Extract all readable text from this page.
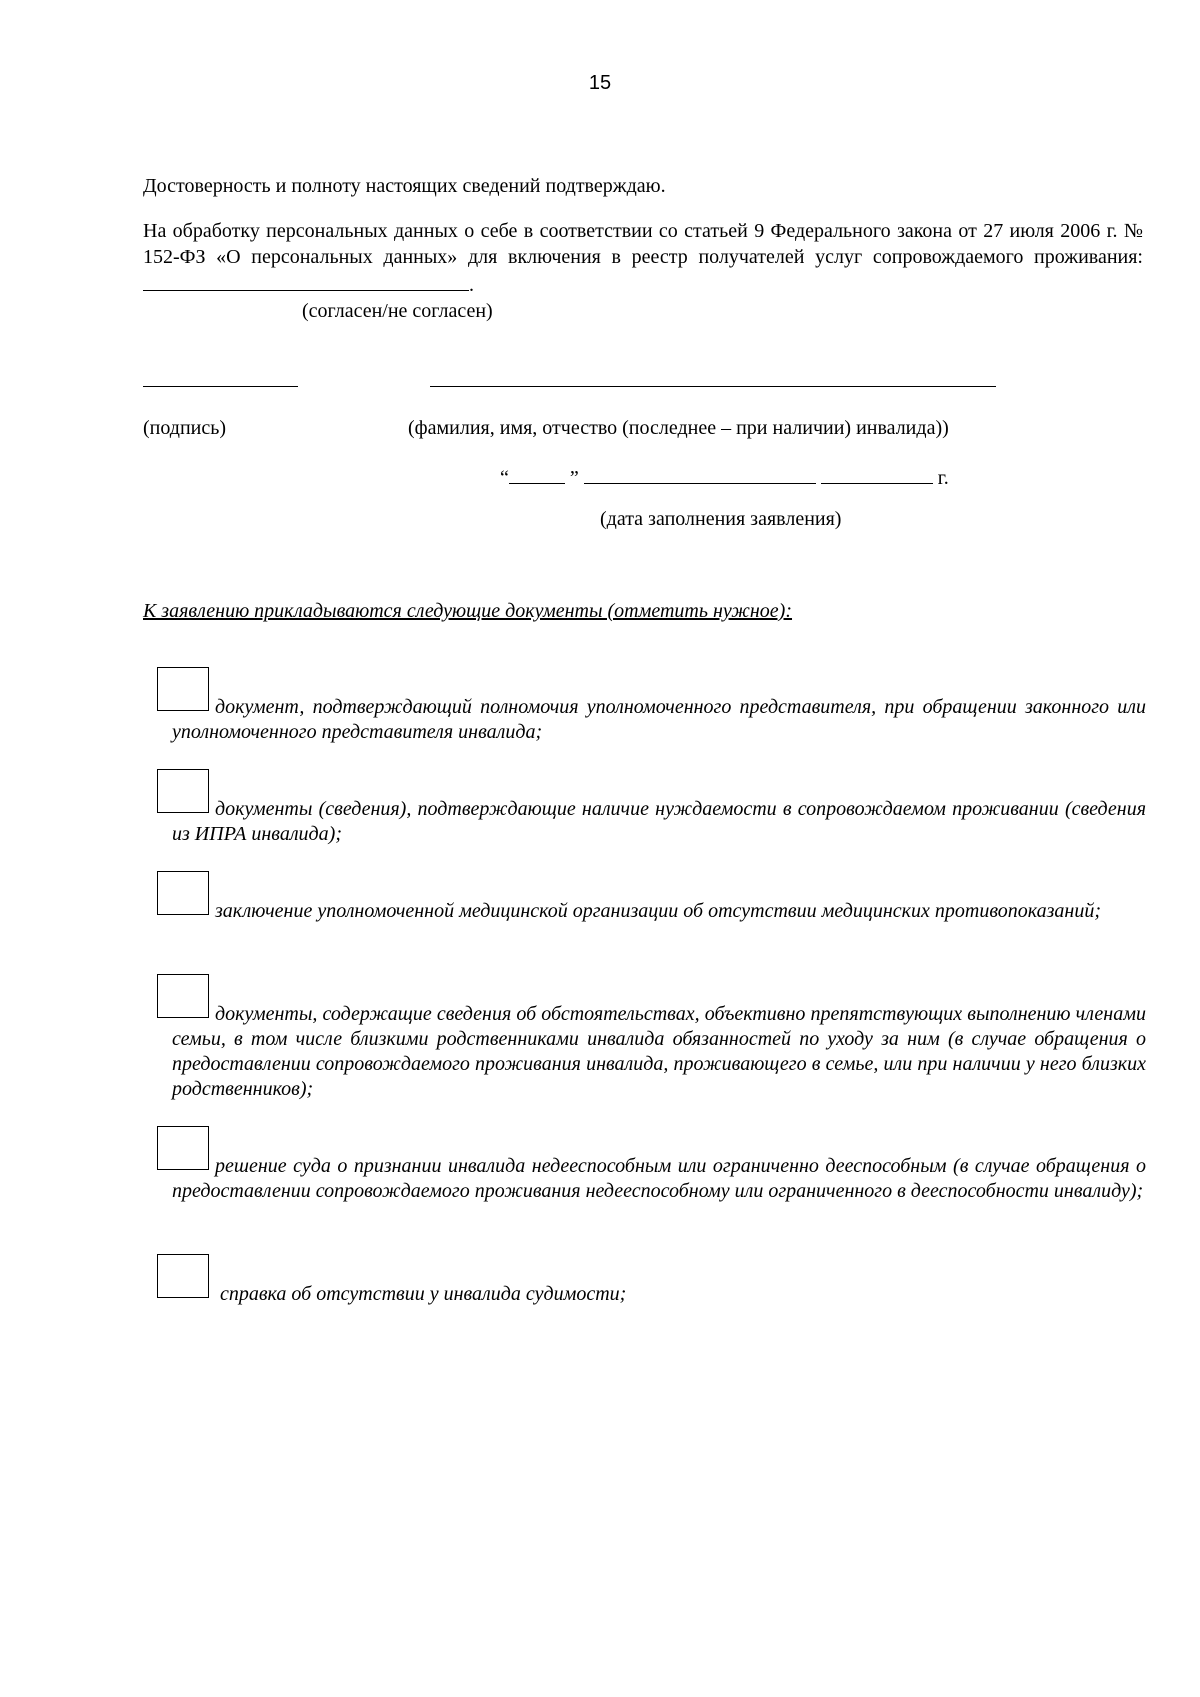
15
Достоверность и полноту настоящих сведений подтверждаю.
На обработку персональных данных о себе в соответствии со статьей 9 Федерального закона от 27 июля 2006 г. № 152-ФЗ «О персональных данных» для включения в реестр получателей услуг сопровождаемого проживания: .
(согласен/не согласен)
(подпись)	(фамилия, имя, отчество (последнее – при наличии) инвалида))
“	”	г.
(дата заполнения заявления)
К заявлению прикладываются следующие документы (отметить нужное):
документ, подтверждающий полномочия уполномоченного представителя, при обращении законного или уполномоченного представителя инвалида;
документы (сведения), подтверждающие наличие нуждаемости в сопровождаемом проживании (сведения из ИПРА инвалида);
заключение уполномоченной медицинской организации об отсутствии медицинских противопоказаний;
документы, содержащие сведения об обстоятельствах, объективно препятствующих выполнению членами семьи, в том числе близкими родственниками инвалида обязанностей по уходу за ним (в случае обращения о предоставлении сопровождаемого проживания инвалида, проживающего в семье, или при наличии у него близких родственников);
решение суда о признании инвалида недееспособным или ограниченно дееспособным (в случае обращения о предоставлении сопровождаемого проживания недееспособному или ограниченного в дееспособности инвалиду);
справка об отсутствии у инвалида судимости;
